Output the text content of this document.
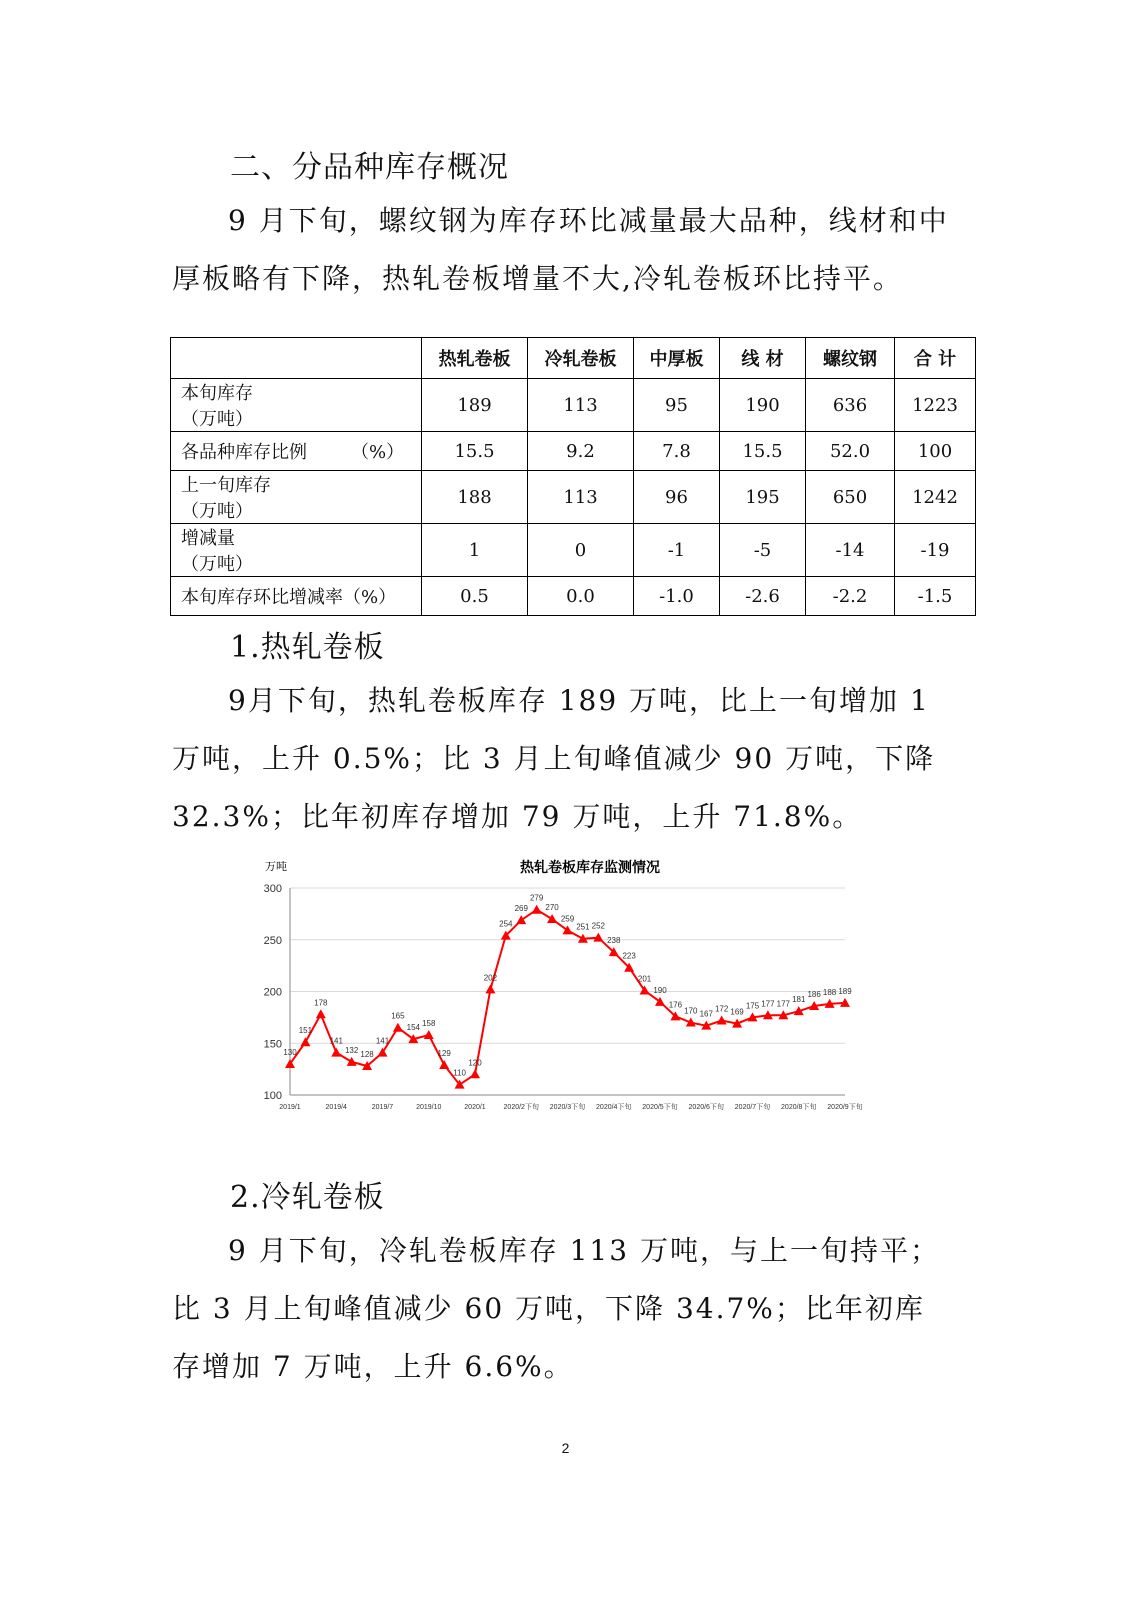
二、分品种库存概况
9 月下旬，螺纹钢为库存环比减量最大品种，线材和中厚板略有下降，热轧卷板增量不大,冷轧卷板环比持平。
	热轧卷板	冷轧卷板	中厚板	线 材	螺纹钢	合 计
本旬库存（万吨）	189	113	95	190	636	1223
各品种库存比例 （%）	15.5	9.2	7.8	15.5	52.0	100
上一旬库存（万吨）	188	113	96	195	650	1242
增减量（万吨）	1	0	-1	-5	-14	-19
本旬库存环比增减率（%）	0.5	0.0	-1.0	-2.6	-2.2	-1.5
1.热轧卷板
9月下旬，热轧卷板库存 189 万吨，比上一旬增加 1 万吨，上升 0.5%；比 3 月上旬峰值减少 90 万吨，下降 32.3%；比年初库存增加 79 万吨，上升 71.8%。
热轧卷板库存监测情况
万吨
100
150
200
250
300
2019/1	2019/4	2019/7	2019/10	2020/1	2020/2下旬 2020/3下旬 2020/4下旬 2020/5下旬 2020/6下旬 2020/7下旬 2020/8下旬 2020/9下旬
130
151
178
141
132 128
141
165
154 158
129
110
120
202
254
269
279
270
259
251 252
238
223
201
190
176
170 167
172 169
175 177 177 181
186 188 189
2.冷轧卷板
9 月下旬，冷轧卷板库存 113 万吨，与上一旬持平；比 3 月上旬峰值减少 60 万吨，下降 34.7%；比年初库存增加 7 万吨，上升 6.6%。
2
